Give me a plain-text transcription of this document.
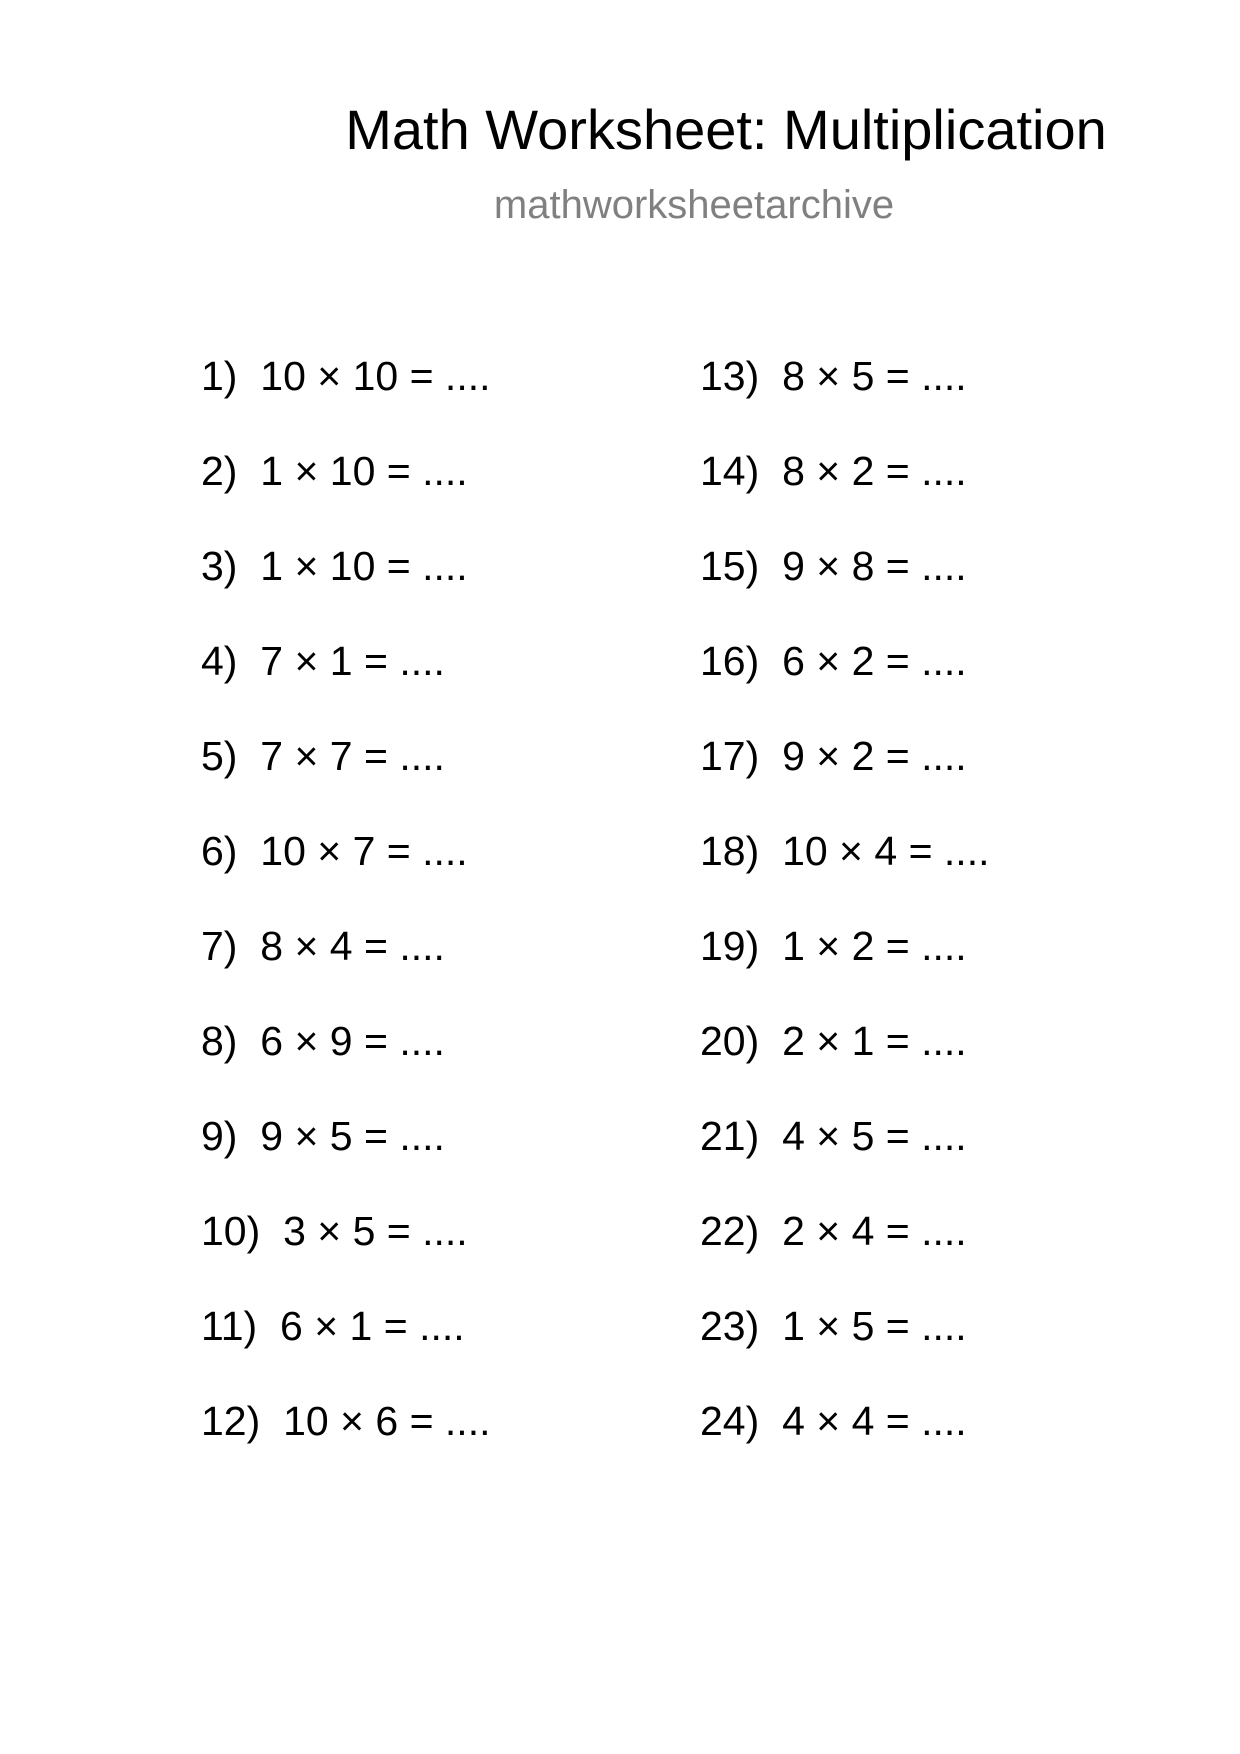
Math Worksheet: Multiplication
mathworksheetarchive
1) 10 × 10 = ....
2) 1 × 10 = ....
3) 1 × 10 = ....
4) 7 × 1 = ....
5) 7 × 7 = ....
6) 10 × 7 = ....
7) 8 × 4 = ....
8) 6 × 9 = ....
9) 9 × 5 = ....
10) 3 × 5 = ....
11) 6 × 1 = ....
12) 10 × 6 = ....
13) 8 × 5 = ....
14) 8 × 2 = ....
15) 9 × 8 = ....
16) 6 × 2 = ....
17) 9 × 2 = ....
18) 10 × 4 = ....
19) 1 × 2 = ....
20) 2 × 1 = ....
21) 4 × 5 = ....
22) 2 × 4 = ....
23) 1 × 5 = ....
24) 4 × 4 = ....
